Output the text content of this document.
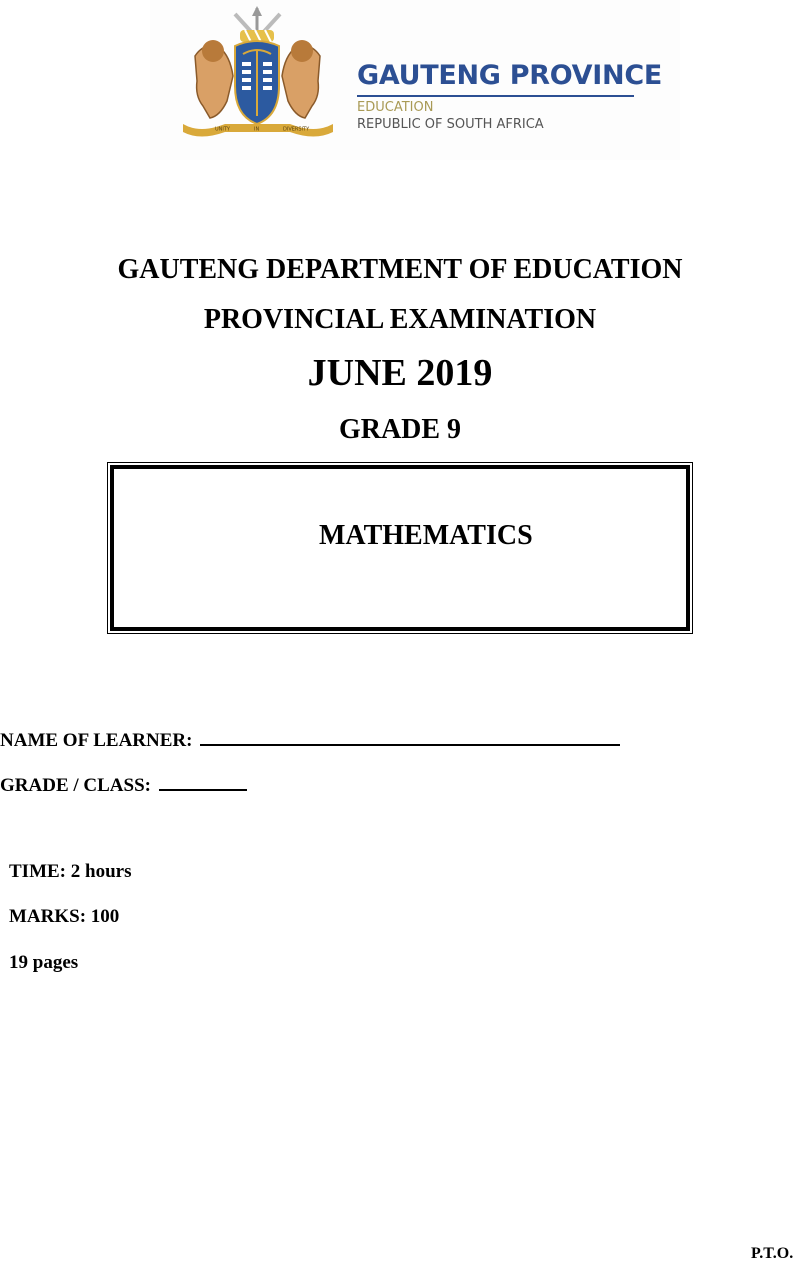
UNITY	IN	DIVERSITY
GAUTENG PROVINCE
EDUCATION
REPUBLIC OF SOUTH AFRICA
GAUTENG DEPARTMENT OF EDUCATION
PROVINCIAL EXAMINATION
JUNE 2019
GRADE 9
MATHEMATICS
NAME OF LEARNER:
GRADE / CLASS:
TIME: 2 hours
MARKS: 100
19 pages
P.T.O.
